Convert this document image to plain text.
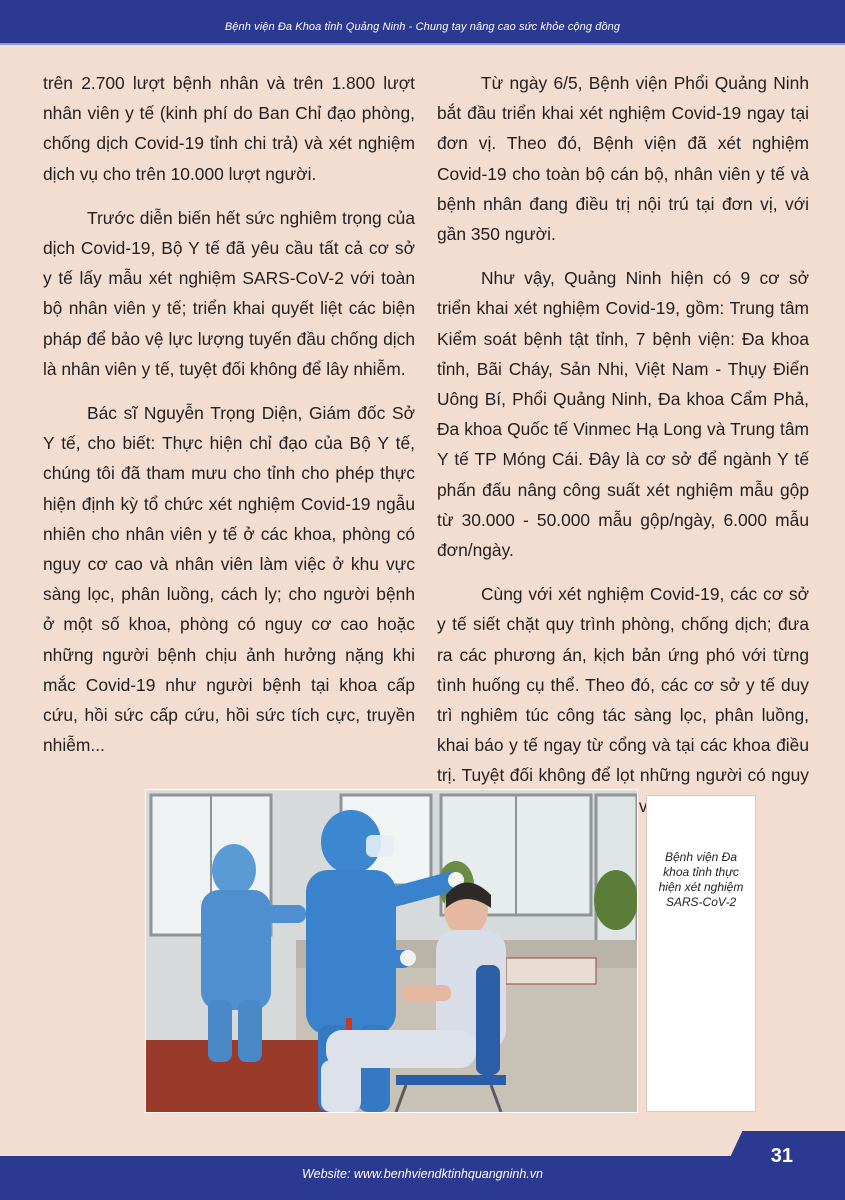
Bệnh viện Đa Khoa tỉnh Quảng Ninh - Chung tay nâng cao sức khỏe cộng đồng

trên 2.700 lượt bệnh nhân và trên 1.800 lượt nhân viên y tế (kinh phí do Ban Chỉ đạo phòng, chống dịch Covid-19 tỉnh chi trả) và xét nghiệm dịch vụ cho trên 10.000 lượt người.

Trước diễn biến hết sức nghiêm trọng của dịch Covid-19, Bộ Y tế đã yêu cầu tất cả cơ sở y tế lấy mẫu xét nghiệm SARS-CoV-2 với toàn bộ nhân viên y tế; triển khai quyết liệt các biện pháp để bảo vệ lực lượng tuyến đầu chống dịch là nhân viên y tế, tuyệt đối không để lây nhiễm.

Bác sĩ Nguyễn Trọng Diện, Giám đốc Sở Y tế, cho biết: Thực hiện chỉ đạo của Bộ Y tế, chúng tôi đã tham mưu cho tỉnh cho phép thực hiện định kỳ tổ chức xét nghiệm Covid-19 ngẫu nhiên cho nhân viên y tế ở các khoa, phòng có nguy cơ cao và nhân viên làm việc ở khu vực sàng lọc, phân luồng, cách ly; cho người bệnh ở một số khoa, phòng có nguy cơ cao hoặc những người bệnh chịu ảnh hưởng nặng khi mắc Covid-19 như người bệnh tại khoa cấp cứu, hồi sức cấp cứu, hồi sức tích cực, truyền nhiễm...

Từ ngày 6/5, Bệnh viện Phổi Quảng Ninh bắt đầu triển khai xét nghiệm Covid-19 ngay tại đơn vị. Theo đó, Bệnh viện đã xét nghiệm Covid-19 cho toàn bộ cán bộ, nhân viên y tế và bệnh nhân đang điều trị nội trú tại đơn vị, với gần 350 người.

Như vậy, Quảng Ninh hiện có 9 cơ sở triển khai xét nghiệm Covid-19, gồm: Trung tâm Kiểm soát bệnh tật tỉnh, 7 bệnh viện: Đa khoa tỉnh, Bãi Cháy, Sản Nhi, Việt Nam - Thụy Điển Uông Bí, Phổi Quảng Ninh, Đa khoa Cẩm Phả, Đa khoa Quốc tế Vinmec Hạ Long và Trung tâm Y tế TP Móng Cái. Đây là cơ sở để ngành Y tế phấn đấu nâng công suất xét nghiệm mẫu gộp từ 30.000 - 50.000 mẫu gộp/ngày, 6.000 mẫu đơn/ngày.

Cùng với xét nghiệm Covid-19, các cơ sở y tế siết chặt quy trình phòng, chống dịch; đưa ra các phương án, kịch bản ứng phó với từng tình huống cụ thể. Theo đó, các cơ sở y tế duy trì nghiêm túc công tác sàng lọc, phân luồng, khai báo y tế ngay từ cổng và tại các khoa điều trị. Tuyệt đối không để lọt những người có nguy

Bệnh viện Đa khoa tỉnh thực hiện xét nghiệm SARS-CoV-2
Website: www.benhviendktinhquangninh.vn
31
